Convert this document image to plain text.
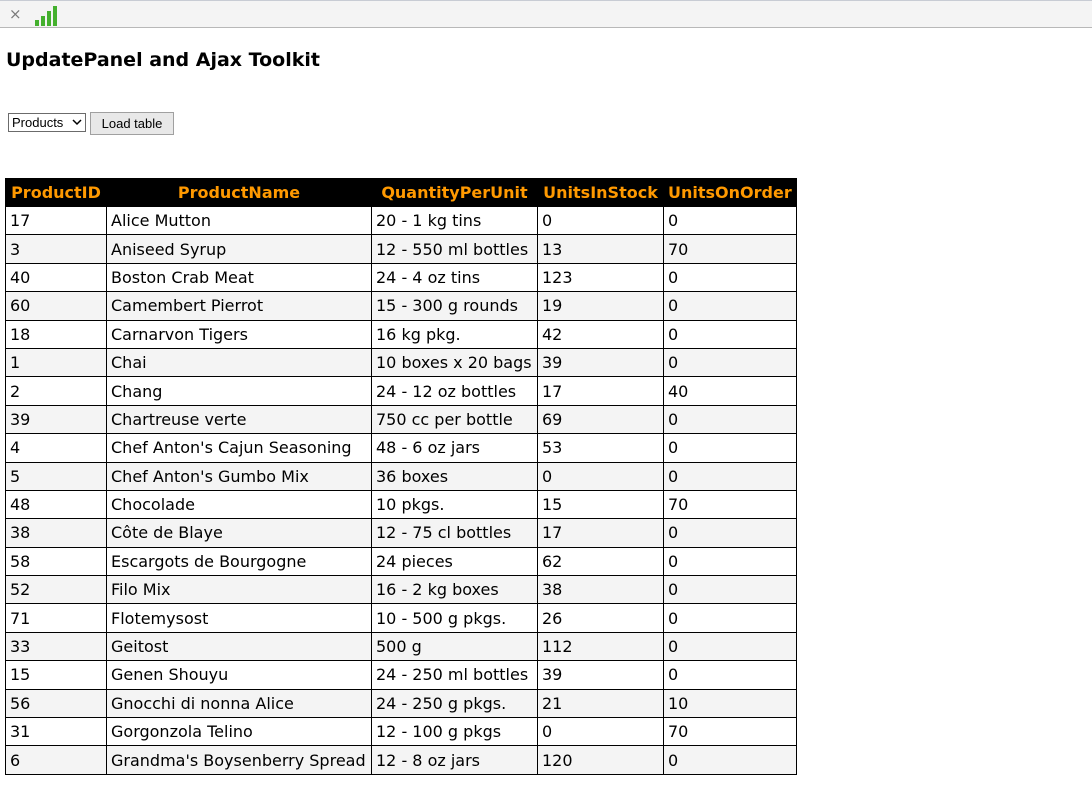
×
UpdatePanel and Ajax Toolkit
Products	Load table
ProductID	ProductName	QuantityPerUnit	UnitsInStock	UnitsOnOrder
17	Alice Mutton	20 - 1 kg tins	0	0
3	Aniseed Syrup	12 - 550 ml bottles	13	70
40	Boston Crab Meat	24 - 4 oz tins	123	0
60	Camembert Pierrot	15 - 300 g rounds	19	0
18	Carnarvon Tigers	16 kg pkg.	42	0
1	Chai	10 boxes x 20 bags	39	0
2	Chang	24 - 12 oz bottles	17	40
39	Chartreuse verte	750 cc per bottle	69	0
4	Chef Anton's Cajun Seasoning	48 - 6 oz jars	53	0
5	Chef Anton's Gumbo Mix	36 boxes	0	0
48	Chocolade	10 pkgs.	15	70
38	Côte de Blaye	12 - 75 cl bottles	17	0
58	Escargots de Bourgogne	24 pieces	62	0
52	Filo Mix	16 - 2 kg boxes	38	0
71	Flotemysost	10 - 500 g pkgs.	26	0
33	Geitost	500 g	112	0
15	Genen Shouyu	24 - 250 ml bottles	39	0
56	Gnocchi di nonna Alice	24 - 250 g pkgs.	21	10
31	Gorgonzola Telino	12 - 100 g pkgs	0	70
6	Grandma's Boysenberry Spread	12 - 8 oz jars	120	0
